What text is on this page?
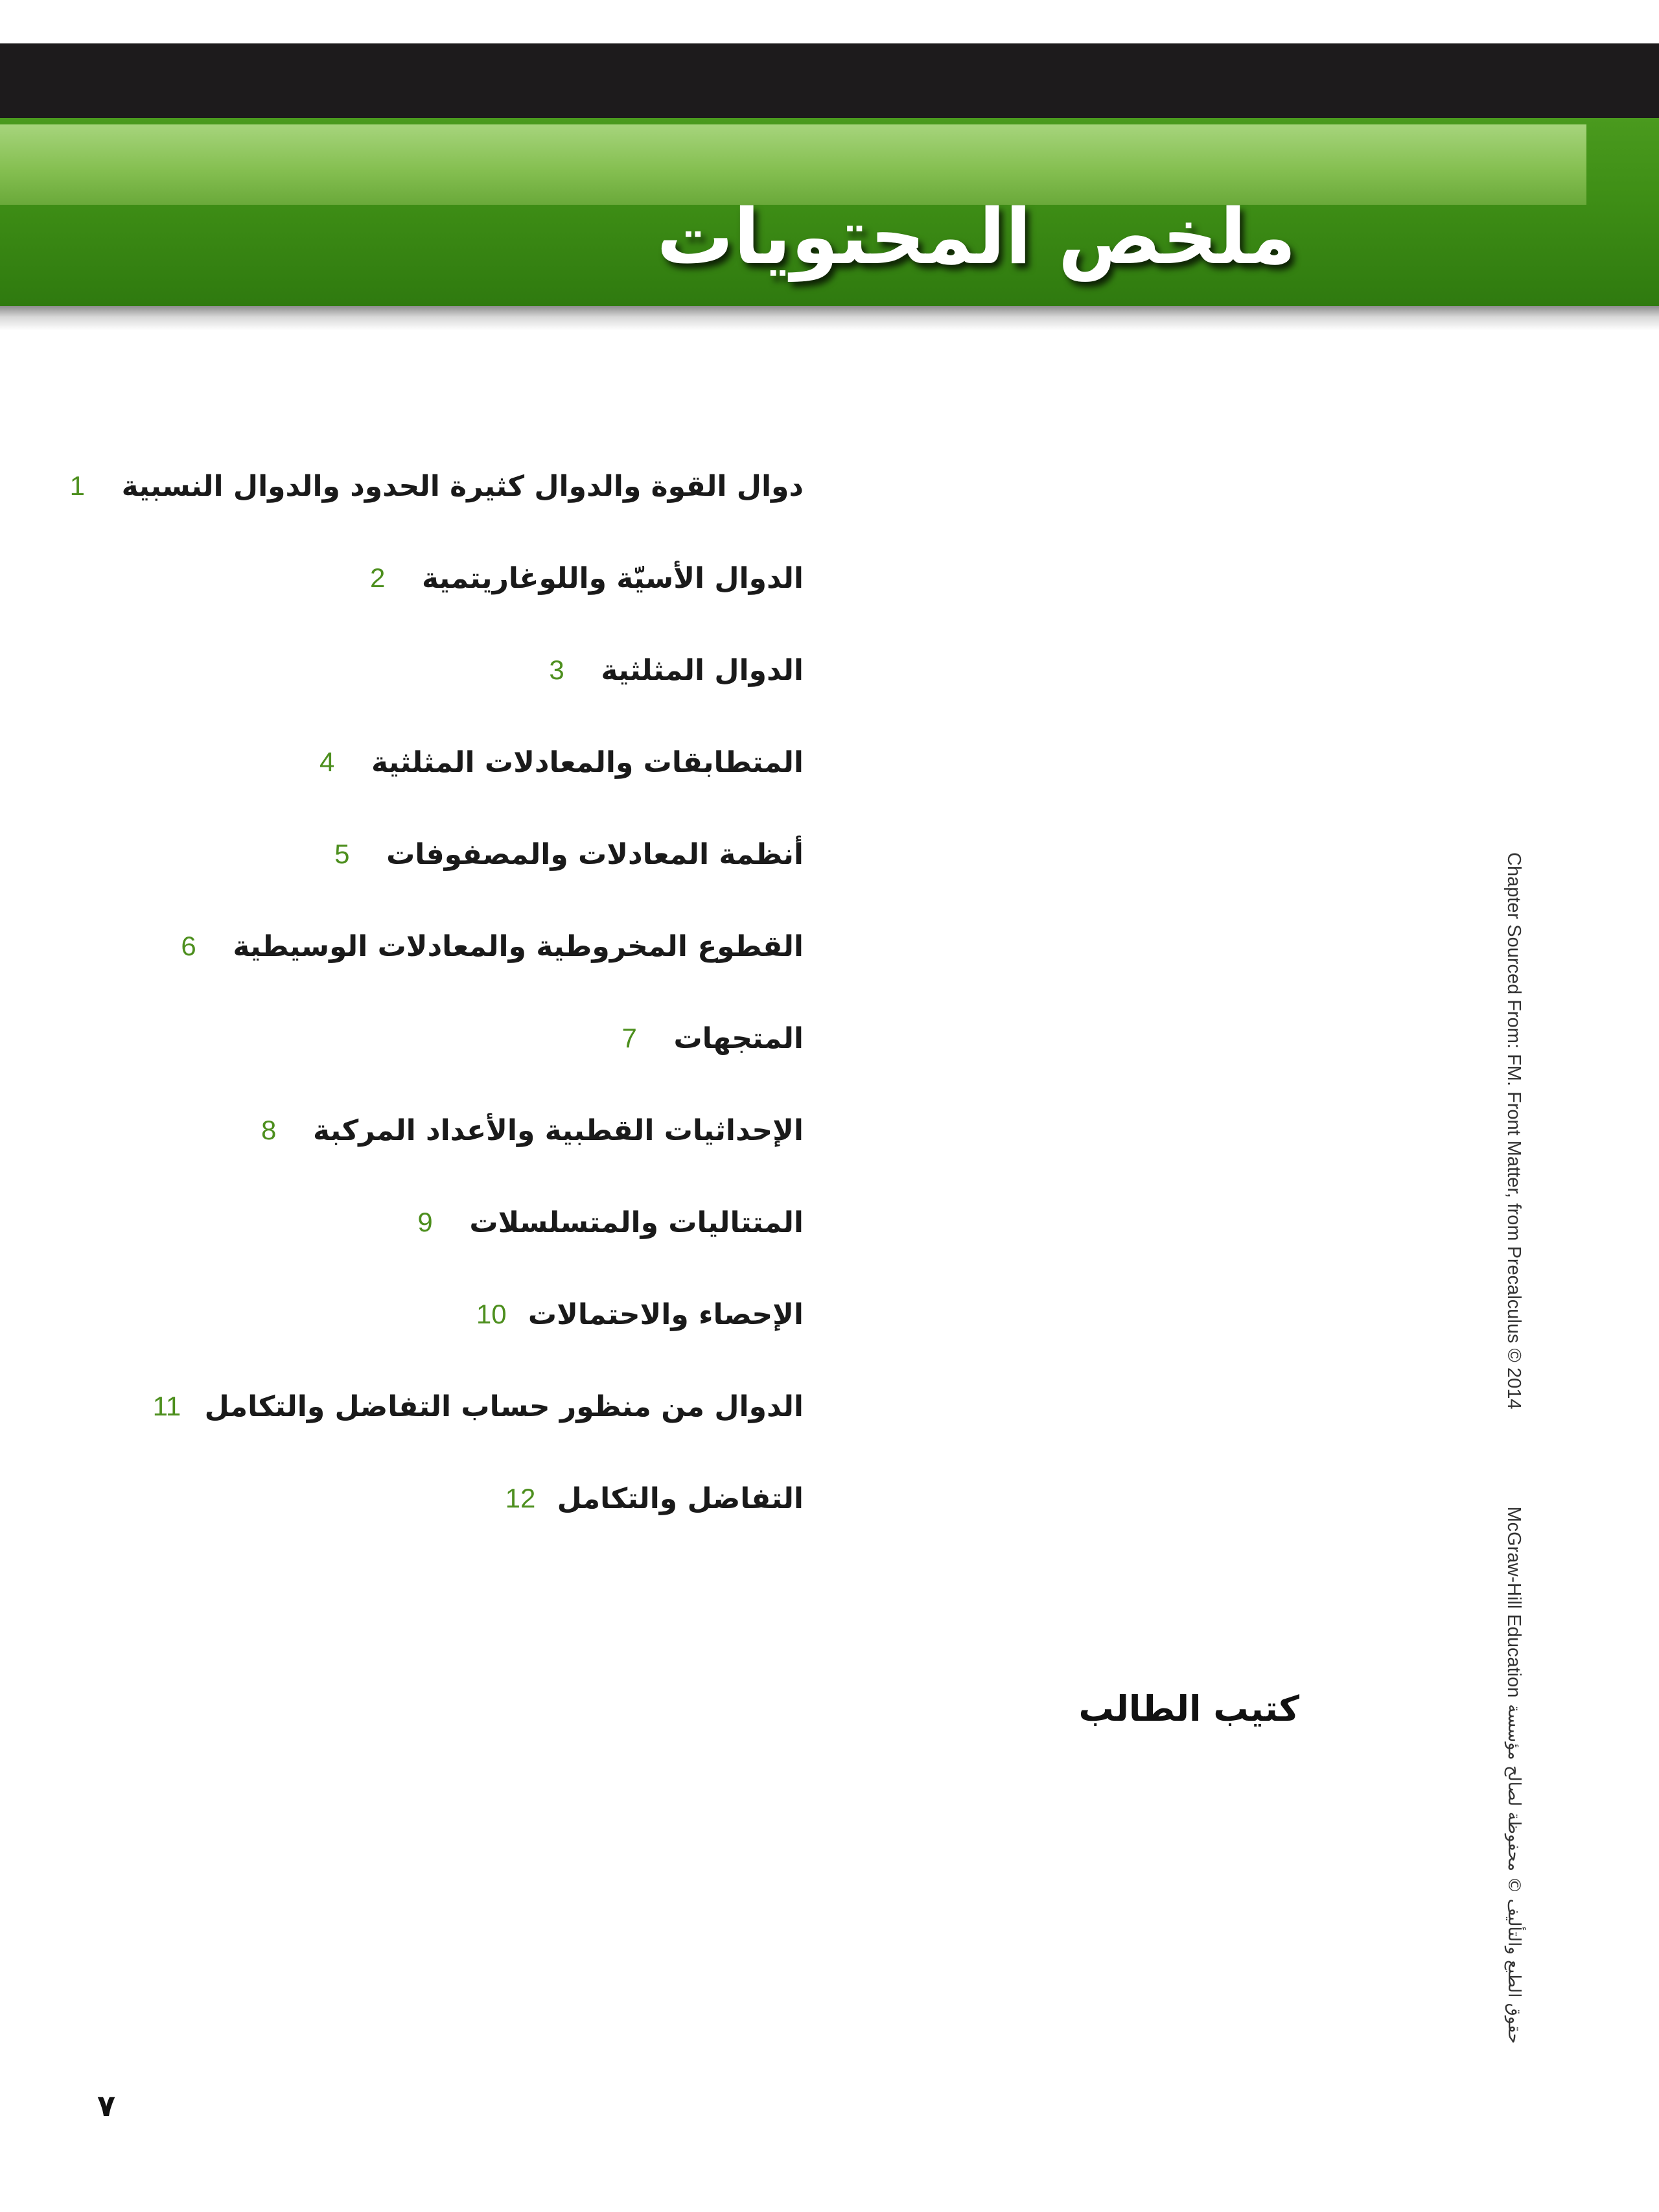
ملخص المحتويات
1	دوال القوة والدوال كثيرة الحدود والدوال النسبية
2	الدوال الأسيّة واللوغاريتمية
3	الدوال المثلثية
4	المتطابقات والمعادلات المثلثية
5	أنظمة المعادلات والمصفوفات
6	القطوع المخروطية والمعادلات الوسيطية
7	المتجهات
8	الإحداثيات القطبية والأعداد المركبة
9	المتتاليات والمتسلسلات
10 الإحصاء والاحتمالات
11 الدوال من منظور حساب التفاضل والتكامل
12 التفاضل والتكامل
كتيب الطالب
Chapter Sourced From: FM. Front Matter, from Precalculus © 2014
McGraw-Hill Education
حقوق الطبع والتأليف © محفوظة لصالح مؤسسة
٧
